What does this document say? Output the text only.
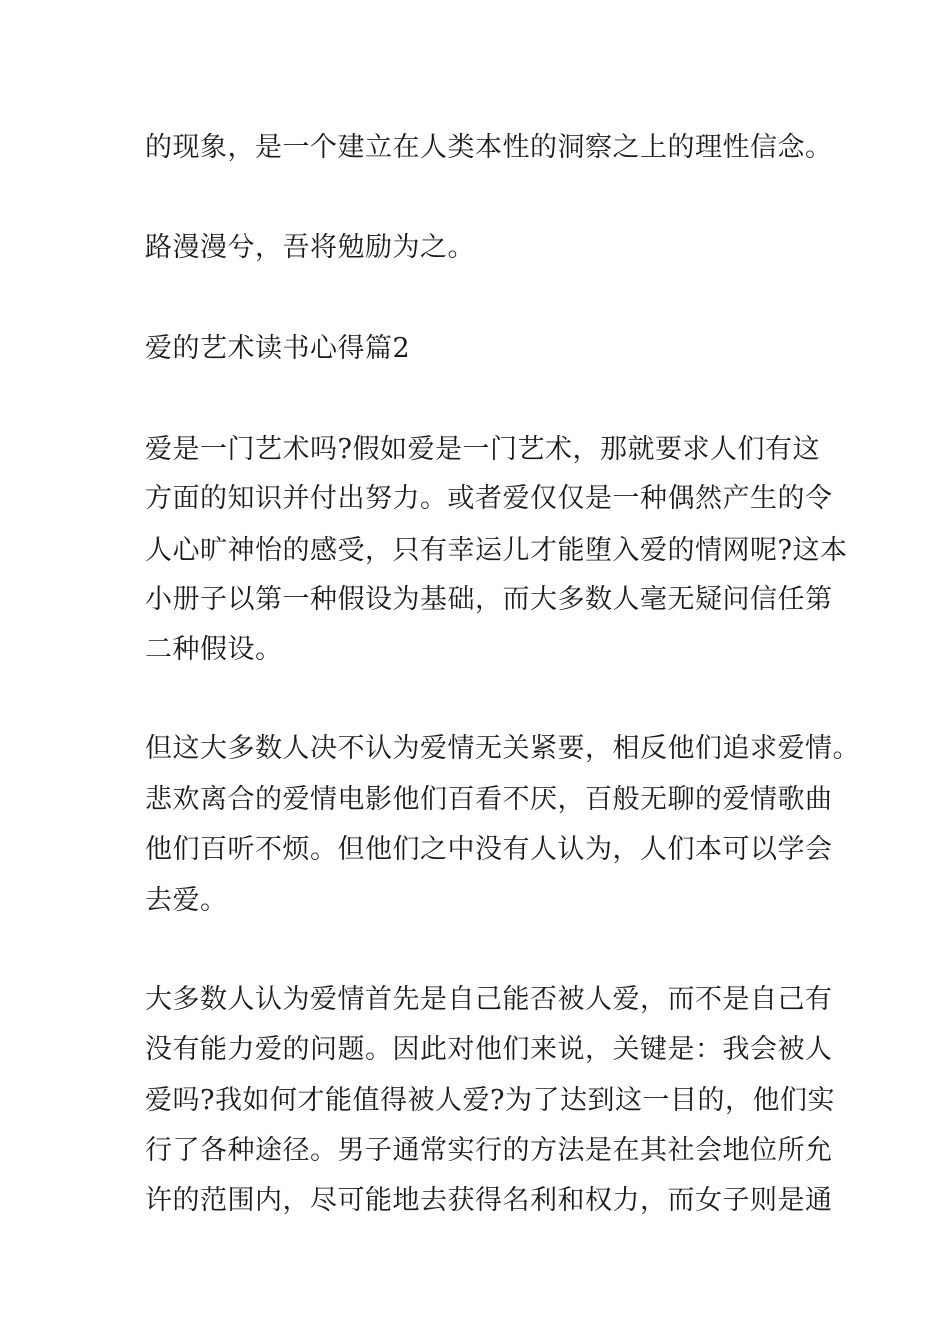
的现象，是一个建立在人类本性的洞察之上的理性信念。
路漫漫兮，吾将勉励为之。
爱的艺术读书心得篇2
爱是一门艺术吗?假如爱是一门艺术，那就要求人们有这
方面的知识并付出努力。或者爱仅仅是一种偶然产生的令
人心旷神怡的感受，只有幸运儿才能堕入爱的情网呢?这本
小册子以第一种假设为基础，而大多数人毫无疑问信任第
二种假设。
但这大多数人决不认为爱情无关紧要，相反他们追求爱情。
悲欢离合的爱情电影他们百看不厌，百般无聊的爱情歌曲
他们百听不烦。但他们之中没有人认为，人们本可以学会
去爱。
大多数人认为爱情首先是自己能否被人爱，而不是自己有
没有能力爱的问题。因此对他们来说，关键是：我会被人
爱吗?我如何才能值得被人爱?为了达到这一目的，他们实
行了各种途径。男子通常实行的方法是在其社会地位所允
许的范围内，尽可能地去获得名利和权力，而女子则是通
